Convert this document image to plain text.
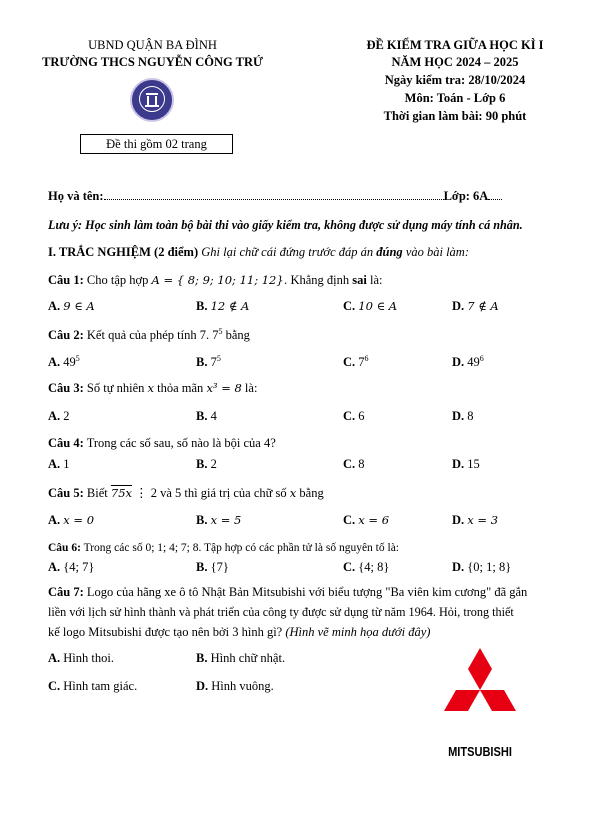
UBND QUẬN BA ĐÌNH
TRƯỜNG THCS NGUYỄN CÔNG TRỨ
Đề thi gồm 02 trang
ĐỀ KIỂM TRA GIỮA HỌC KÌ I
NĂM HỌC 2024 – 2025
Ngày kiểm tra: 28/10/2024
Môn: Toán - Lớp 6
Thời gian làm bài: 90 phút
Họ và tên:	Lớp: 6A
Lưu ý: Học sinh làm toàn bộ bài thi vào giấy kiểm tra, không được sử dụng máy tính cá nhân.
I. TRẮC NGHIỆM (2 điểm) Ghi lại chữ cái đứng trước đáp án đúng vào bài làm:
Câu 1: Cho tập hợp A = { 8; 9; 10; 11; 12}. Khẳng định sai là:
A. 9 ∈ A	B. 12 ∉ A	C. 10 ∈ A	D. 7 ∉ A
Câu 2: Kết quả của phép tính 7. $7^5$ bằng
A. $49^5$	B. $7^5$	C. $7^6$	D. $49^6$
Câu 3: Số tự nhiên x thỏa mãn x³ = 8 là:
A. 2	B. 4	C. 6	D. 8
Câu 4: Trong các số sau, số nào là bội của 4?
A. 1	B. 2	C. 8	D. 15
Câu 5: Biết 75x ⋮ 2 và 5 thì giá trị của chữ số x bằng
A. x = 0	B. x = 5	C. x = 6	D. x = 3
Câu 6: Trong các số 0; 1; 4; 7; 8. Tập hợp có các phần tử là số nguyên tố là:
A. {4; 7}	B. {7}	C. {4; 8}	D. {0; 1; 8}
Câu 7: Logo của hãng xe ô tô Nhật Bản Mitsubishi với biểu tượng "Ba viên kim cương" đã gắn
liền với lịch sử hình thành và phát triển của công ty được sử dụng từ năm 1964. Hỏi, trong thiết
kế logo Mitsubishi được tạo nên bởi 3 hình gì? (Hình vẽ minh họa dưới đây)
A. Hình thoi.	B. Hình chữ nhật.
C. Hình tam giác.	D. Hình vuông.
MITSUBISHI
